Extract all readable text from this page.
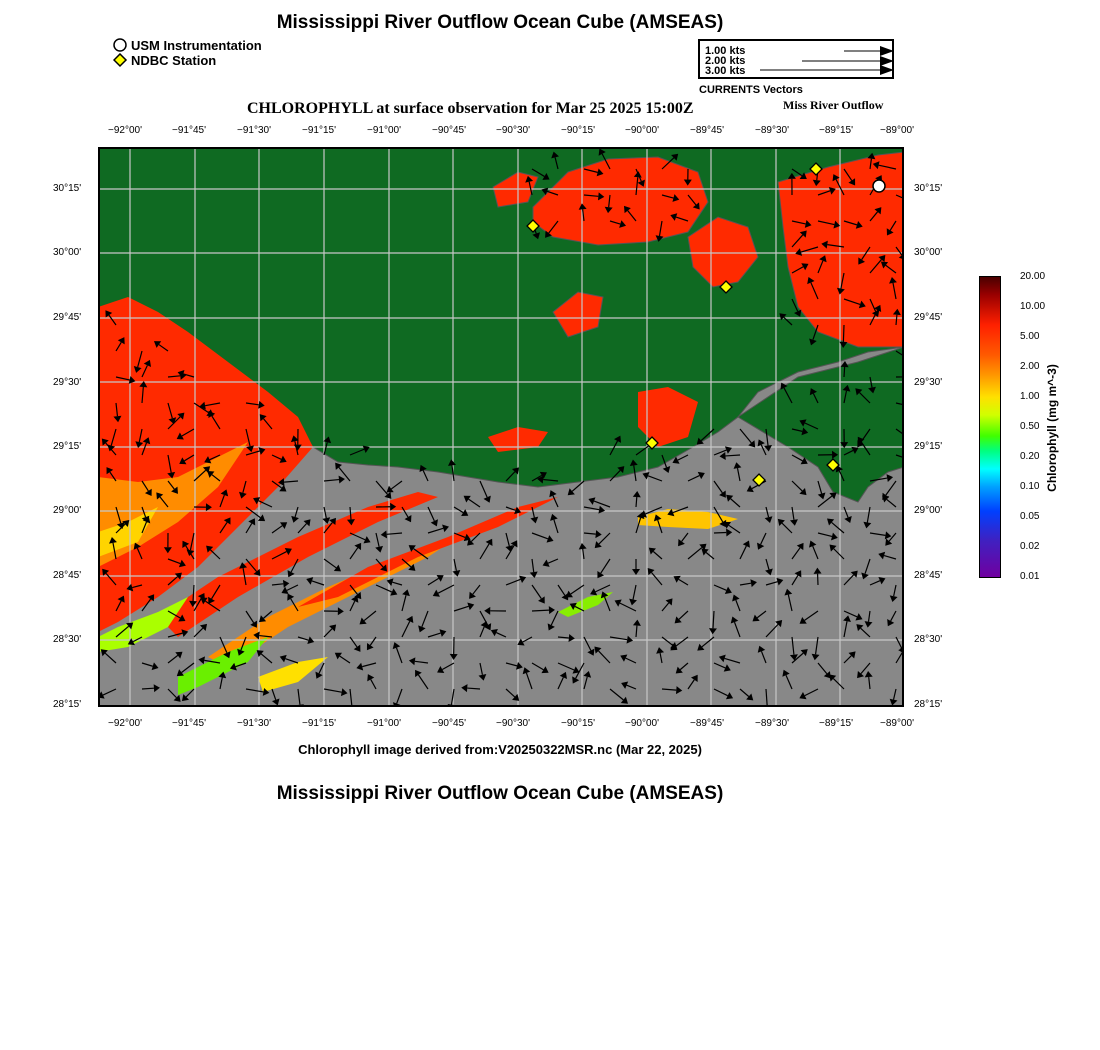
Mississippi River Outflow Ocean Cube (AMSEAS)
USM Instrumentation
NDBC Station
1.00 kts
2.00 kts
3.00 kts
CURRENTS Vectors
CHLOROPHYLL at surface observation for Mar 25 2025 15:00Z	Miss River Outflow
−92°00'	−91°45'	−91°30'	−91°15'	−91°00'	−90°45'	−90°30'	−90°15'	−90°00'	−89°45'	−89°30'	−89°15'	−89°00'
−92°00'	−91°45'	−91°30'	−91°15'	−91°00'	−90°45'	−90°30'	−90°15'	−90°00'	−89°45'	−89°30'	−89°15'	−89°00'
30°15'
30°00'
29°45'
29°30'
29°15'
29°00'
28°45'
28°30'
28°15'
30°15'
30°00'
29°45'
29°30'
29°15'
29°00'
28°45'
28°30'
28°15'
20.00
10.00
5.00
2.00
1.00
0.50
0.20
0.10
0.05
0.02
0.01
Chlorophyll (mg m^-3)
Chlorophyll image derived from:V20250322MSR.nc (Mar 22, 2025)
Mississippi River Outflow Ocean Cube (AMSEAS)
